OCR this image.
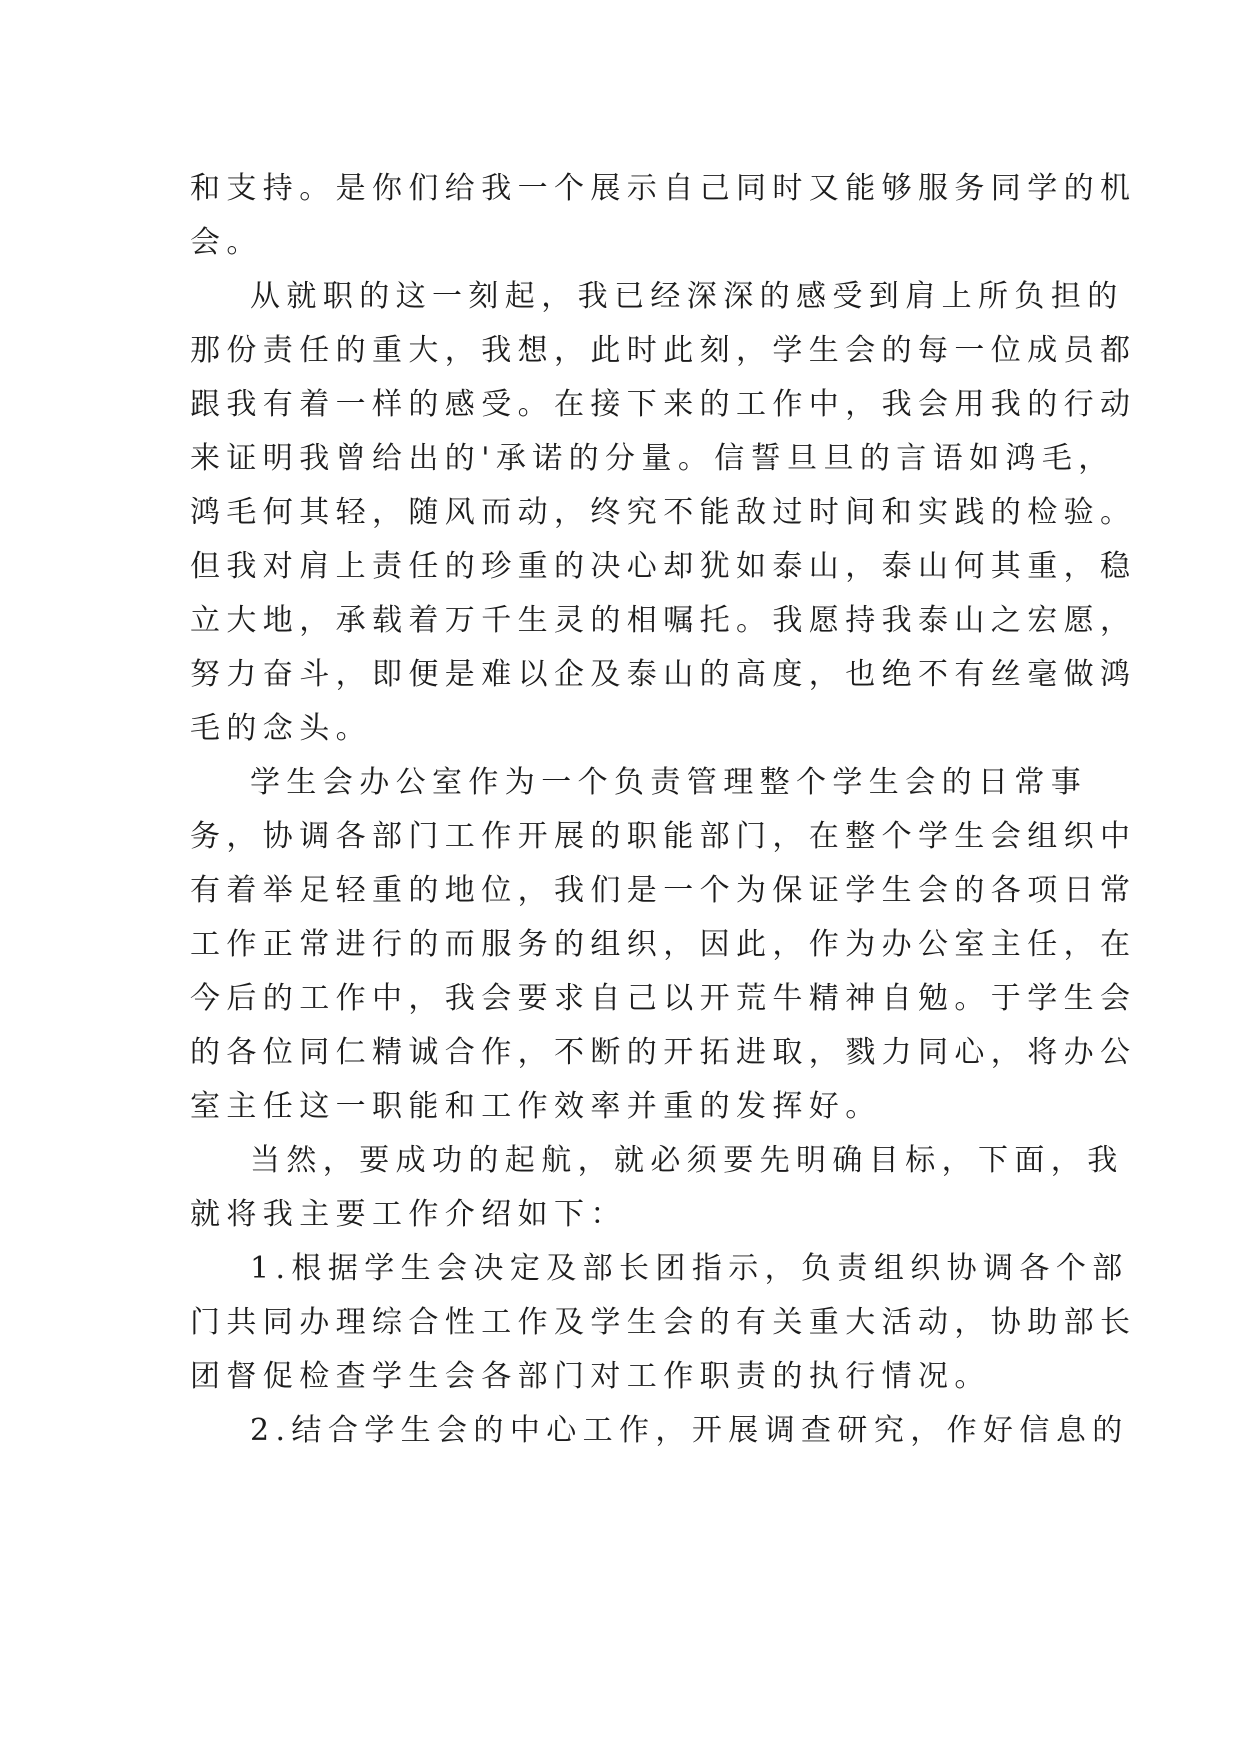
和支持。是你们给我一个展示自己同时又能够服务同学的机
会。
从就职的这一刻起，我已经深深的感受到肩上所负担的
那份责任的重大，我想，此时此刻，学生会的每一位成员都
跟我有着一样的感受。在接下来的工作中，我会用我的行动
来证明我曾给出的'承诺的分量。信誓旦旦的言语如鸿毛，
鸿毛何其轻，随风而动，终究不能敌过时间和实践的检验。
但我对肩上责任的珍重的决心却犹如泰山，泰山何其重，稳
立大地，承载着万千生灵的相嘱托。我愿持我泰山之宏愿，
努力奋斗，即便是难以企及泰山的高度，也绝不有丝毫做鸿
毛的念头。
学生会办公室作为一个负责管理整个学生会的日常事
务，协调各部门工作开展的职能部门，在整个学生会组织中
有着举足轻重的地位，我们是一个为保证学生会的各项日常
工作正常进行的而服务的组织，因此，作为办公室主任，在
今后的工作中，我会要求自己以开荒牛精神自勉。于学生会
的各位同仁精诚合作，不断的开拓进取，戮力同心，将办公
室主任这一职能和工作效率并重的发挥好。
当然，要成功的起航，就必须要先明确目标，下面，我
就将我主要工作介绍如下：
1.根据学生会决定及部长团指示，负责组织协调各个部
门共同办理综合性工作及学生会的有关重大活动，协助部长
团督促检查学生会各部门对工作职责的执行情况。
2.结合学生会的中心工作，开展调查研究，作好信息的
